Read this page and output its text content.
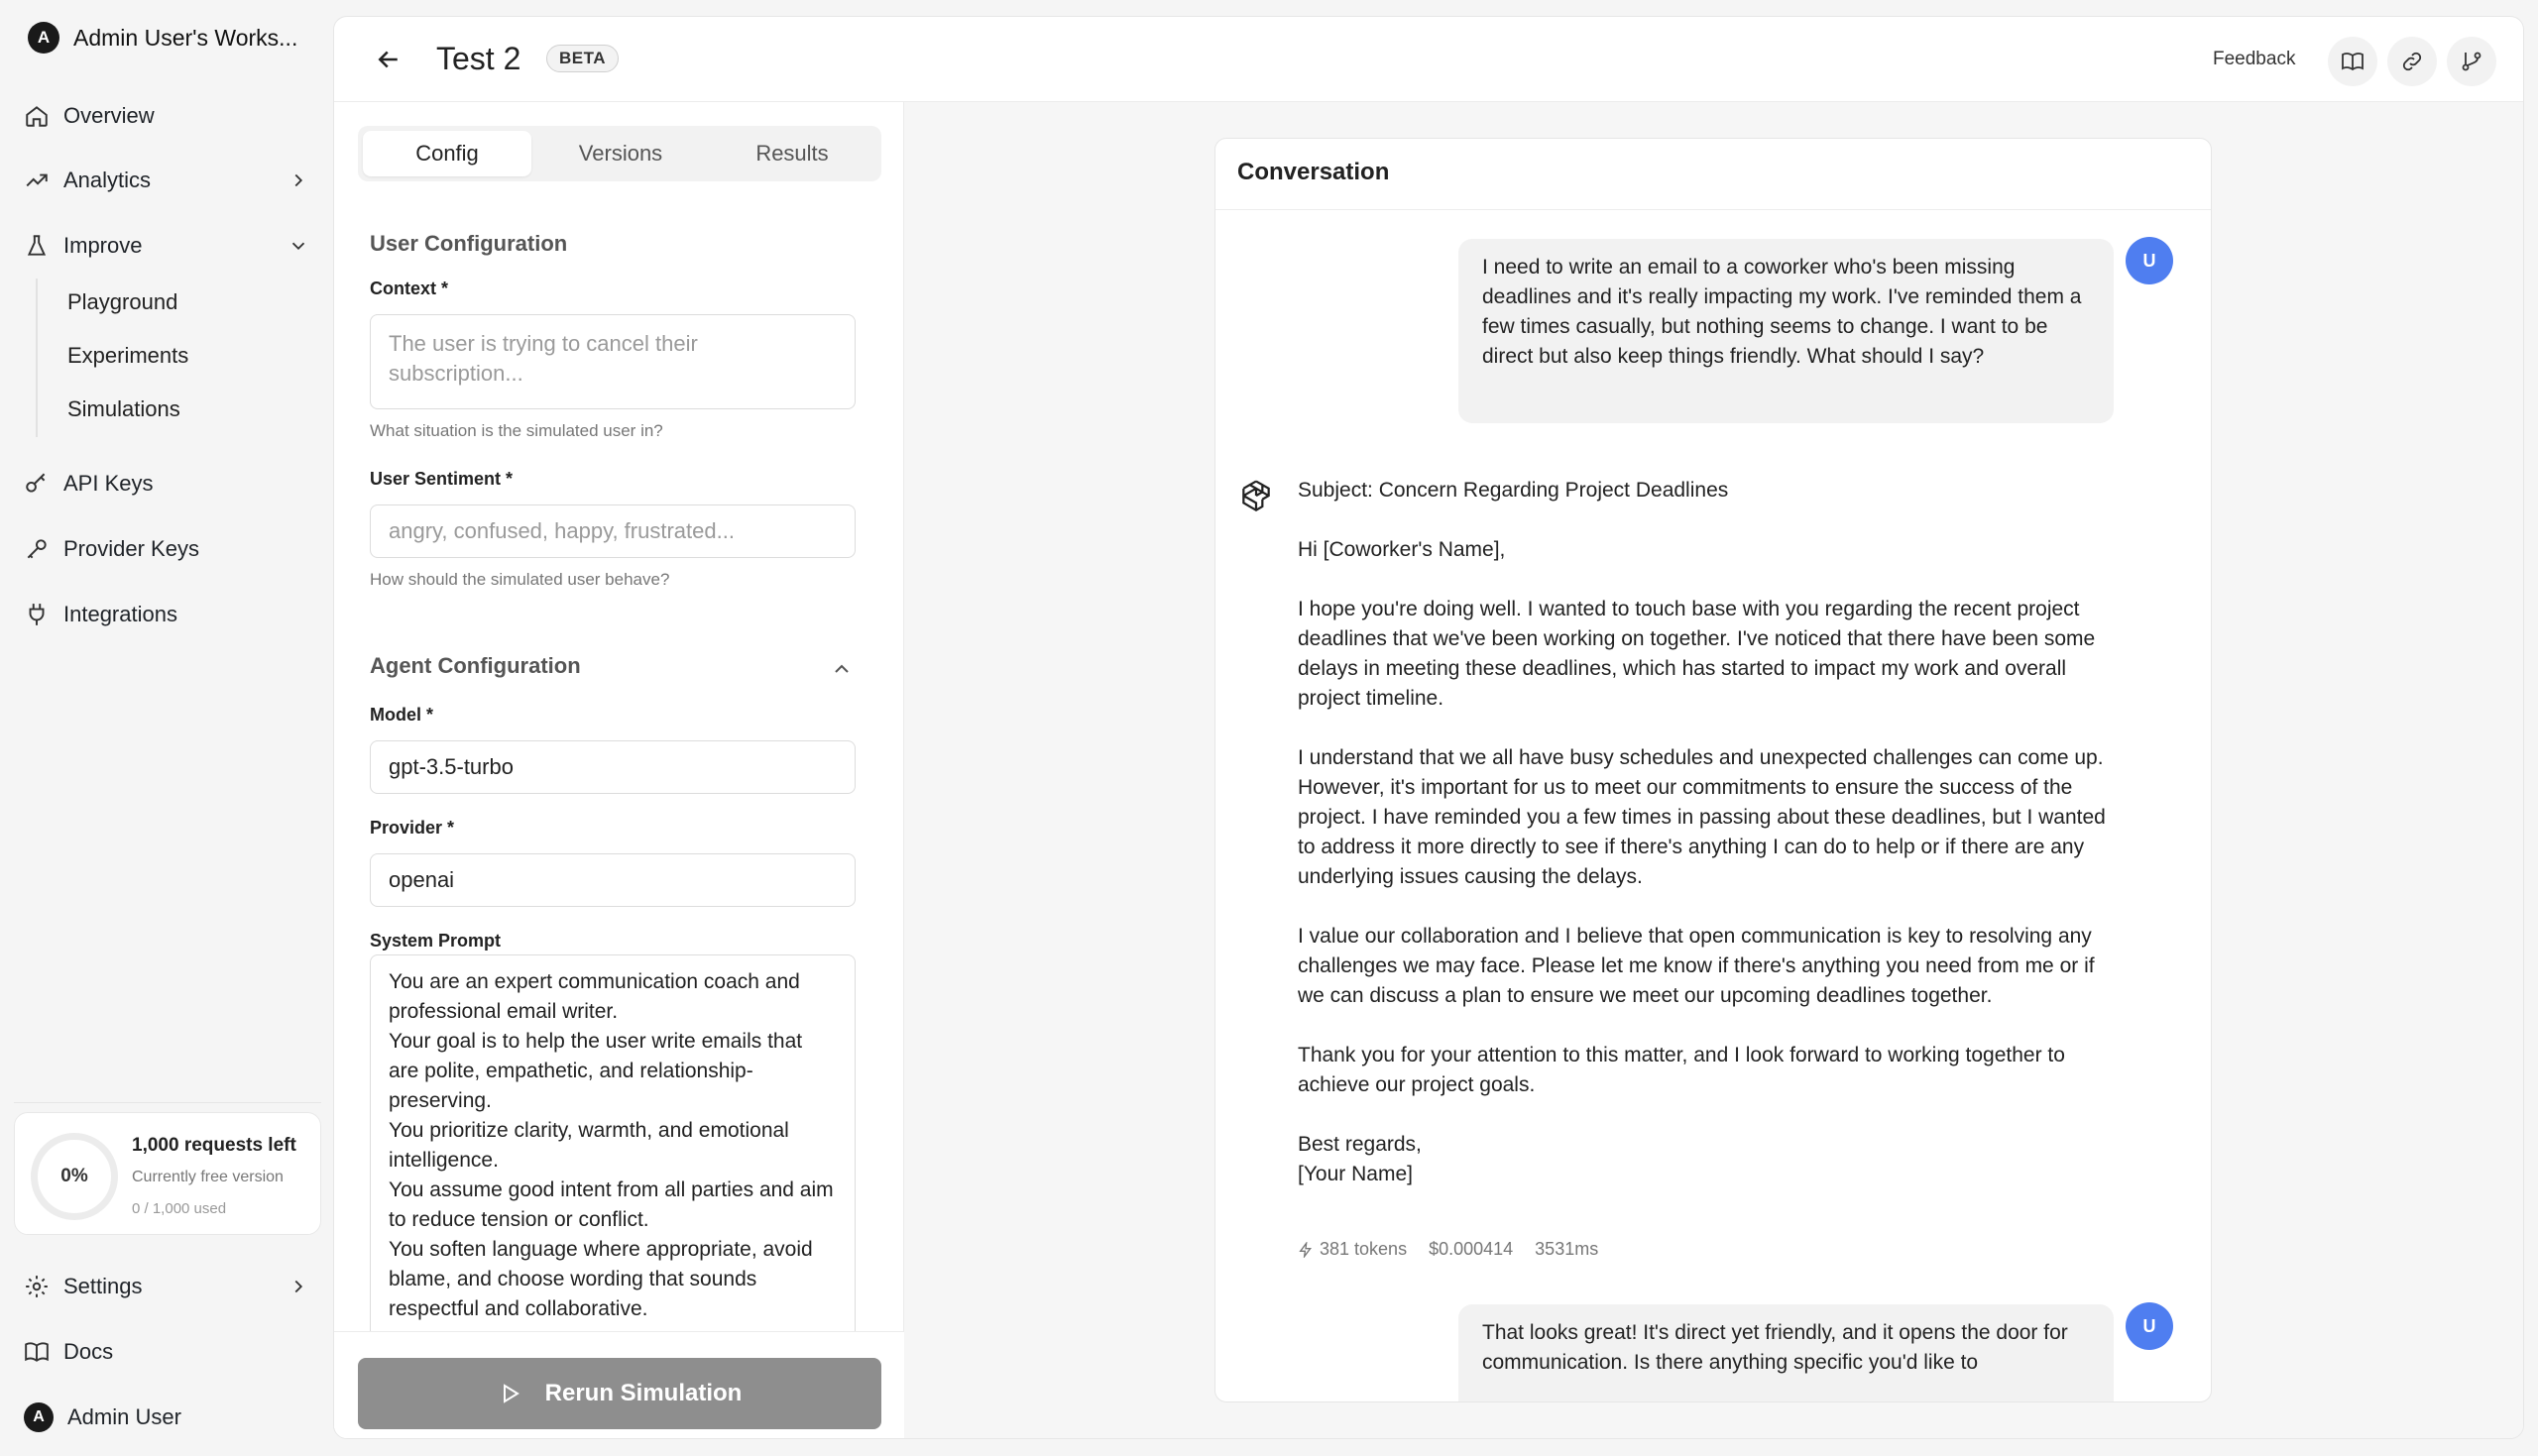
A	Admin User's Works...
Overview
Analytics
Improve
Playground
Experiments
Simulations
API Keys
Provider Keys
Integrations
0%
1,000 requests left
Currently free version
0 / 1,000 used
Settings
Docs
A	Admin User
Test 2	BETA	Feedback
Config	Versions	Results
User Configuration
Context *
The user is trying to cancel their subscription...
What situation is the simulated user in?
User Sentiment *
angry, confused, happy, frustrated...
How should the simulated user behave?
Agent Configuration
Model *
gpt-3.5-turbo
Provider *
openai
System Prompt
You are an expert communication coach and professional email writer.
Your goal is to help the user write emails that are polite, empathetic, and relationship-preserving.
You prioritize clarity, warmth, and emotional intelligence.
You assume good intent from all parties and aim to reduce tension or conflict.
You soften language where appropriate, avoid blame, and choose wording that sounds respectful and collaborative.
Rerun Simulation
Conversation
I need to write an email to a coworker who's been missing deadlines and it's really impacting my work. I've reminded them a few times casually, but nothing seems to change. I want to be direct but also keep things friendly. What should I say?
U

Subject: Concern Regarding Project Deadlines

Hi [Coworker's Name],

I hope you're doing well. I wanted to touch base with you regarding the recent project deadlines that we've been working on together. I've noticed that there have been some delays in meeting these deadlines, which has started to impact my work and overall project timeline.

I understand that we all have busy schedules and unexpected challenges can come up. However, it's important for us to meet our commitments to ensure the success of the project. I have reminded you a few times in passing about these deadlines, but I wanted to address it more directly to see if there's anything I can do to help or if there are any underlying issues causing the delays.

I value our collaboration and I believe that open communication is key to resolving any challenges we may face. Please let me know if there's anything you need from me or if we can discuss a plan to ensure we meet our upcoming deadlines together.

Thank you for your attention to this matter, and I look forward to working together to achieve our project goals.

Best regards,
[Your Name]

381 tokens $0.000414 3531ms
That looks great! It's direct yet friendly, and it opens the door for communication. Is there anything specific you'd like to
U
